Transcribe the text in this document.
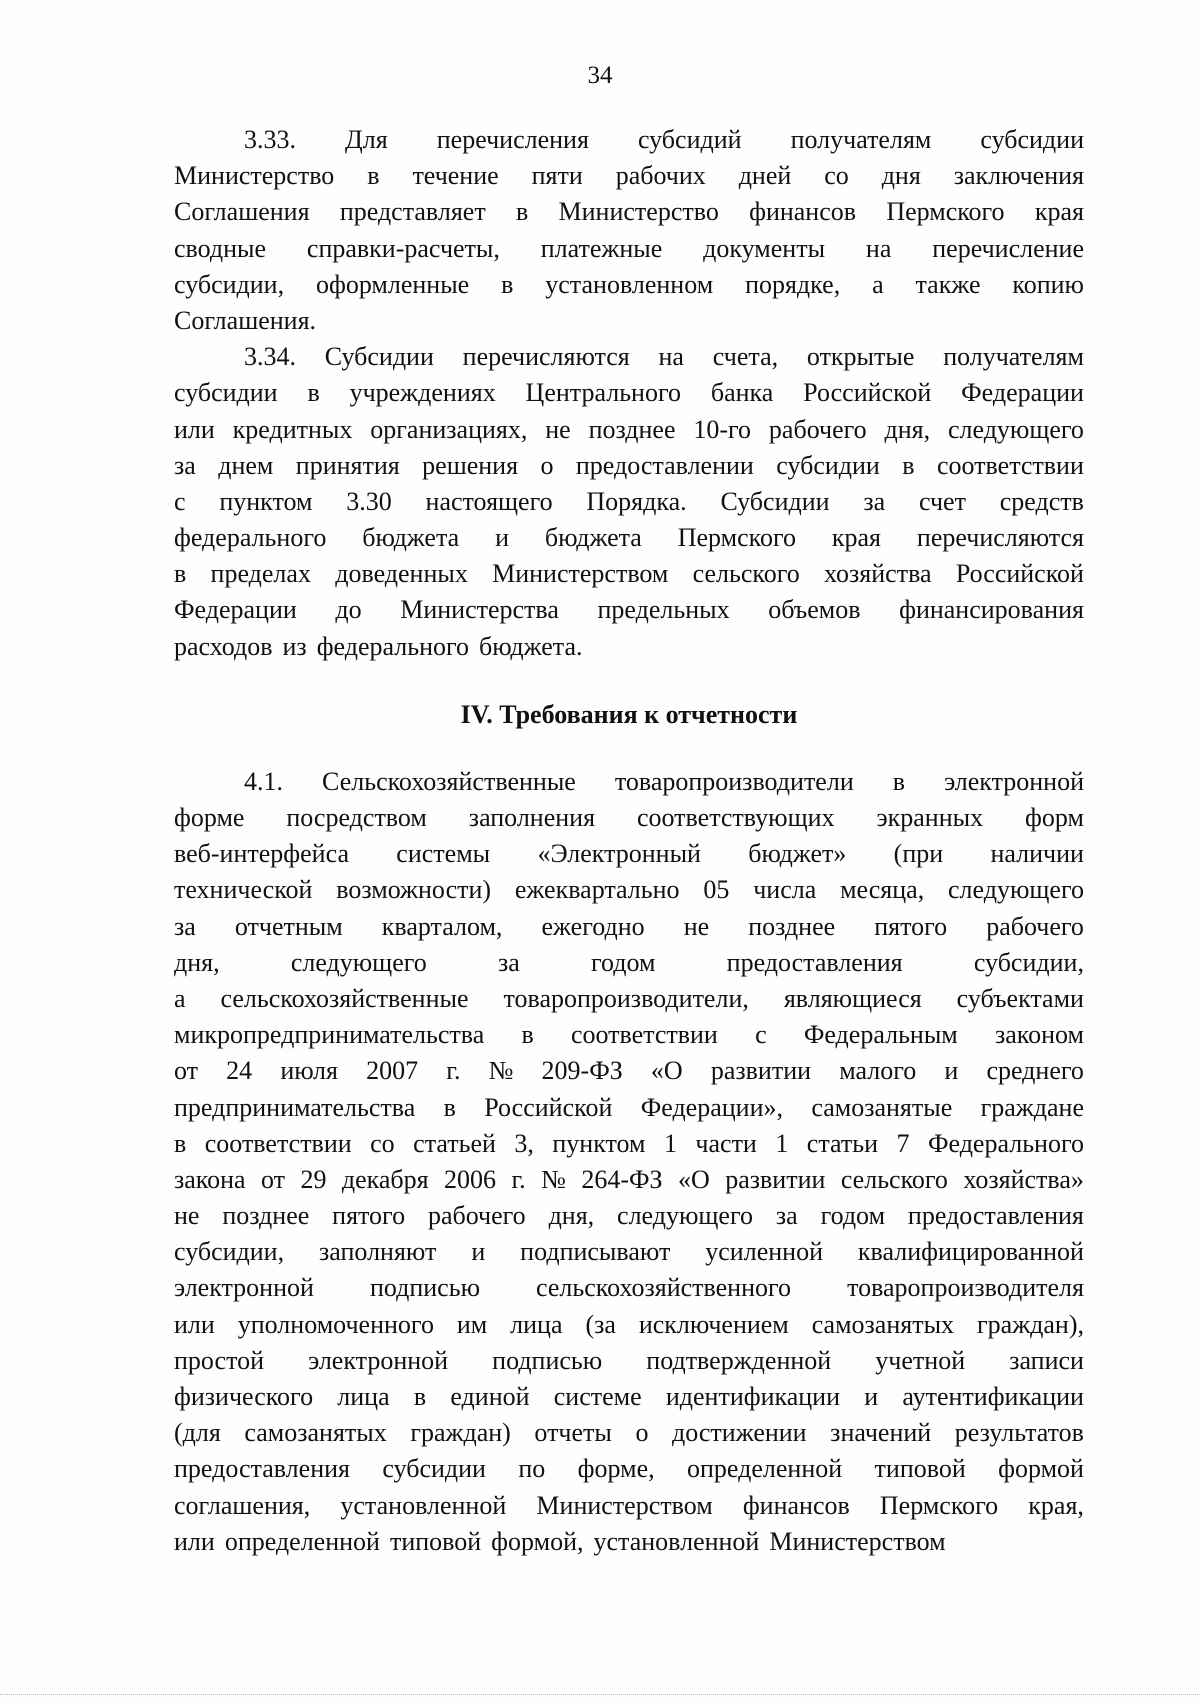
34
3.33. Для перечисления субсидий получателям субсидии
Министерство в течение пяти рабочих дней со дня заключения
Соглашения представляет в Министерство финансов Пермского края
сводные справки-расчеты, платежные документы на перечисление
субсидии, оформленные в установленном порядке, а также копию
Соглашения.
3.34. Субсидии перечисляются на счета, открытые получателям
субсидии в учреждениях Центрального банка Российской Федерации
или кредитных организациях, не позднее 10-го рабочего дня, следующего
за днем принятия решения о предоставлении субсидии в соответствии
с пунктом 3.30 настоящего Порядка. Субсидии за счет средств
федерального бюджета и бюджета Пермского края перечисляются
в пределах доведенных Министерством сельского хозяйства Российской
Федерации до Министерства предельных объемов финансирования
расходов из федерального бюджета.
IV. Требования к отчетности
4.1. Сельскохозяйственные товаропроизводители в электронной
форме посредством заполнения соответствующих экранных форм
веб-интерфейса системы «Электронный бюджет» (при наличии
технической возможности) ежеквартально 05 числа месяца, следующего
за отчетным кварталом, ежегодно не позднее пятого рабочего
дня,	следующего	за	годом	предоставления	субсидии,
а сельскохозяйственные товаропроизводители, являющиеся субъектами
микропредпринимательства в соответствии с Федеральным законом
от 24 июля 2007 г. № 209-ФЗ «О развитии малого и среднего
предпринимательства в Российской Федерации», самозанятые граждане
в соответствии со статьей 3, пунктом 1 части 1 статьи 7 Федерального
закона от 29 декабря 2006 г. № 264-ФЗ «О развитии сельского хозяйства»
не позднее пятого рабочего дня, следующего за годом предоставления
субсидии, заполняют и подписывают усиленной квалифицированной
электронной подписью сельскохозяйственного товаропроизводителя
или уполномоченного им лица (за исключением самозанятых граждан),
простой электронной подписью подтвержденной учетной записи
физического лица в единой системе идентификации и аутентификации
(для самозанятых граждан) отчеты о достижении значений результатов
предоставления субсидии по форме, определенной типовой формой
соглашения, установленной Министерством финансов Пермского края,
или определенной типовой формой, установленной Министерством
